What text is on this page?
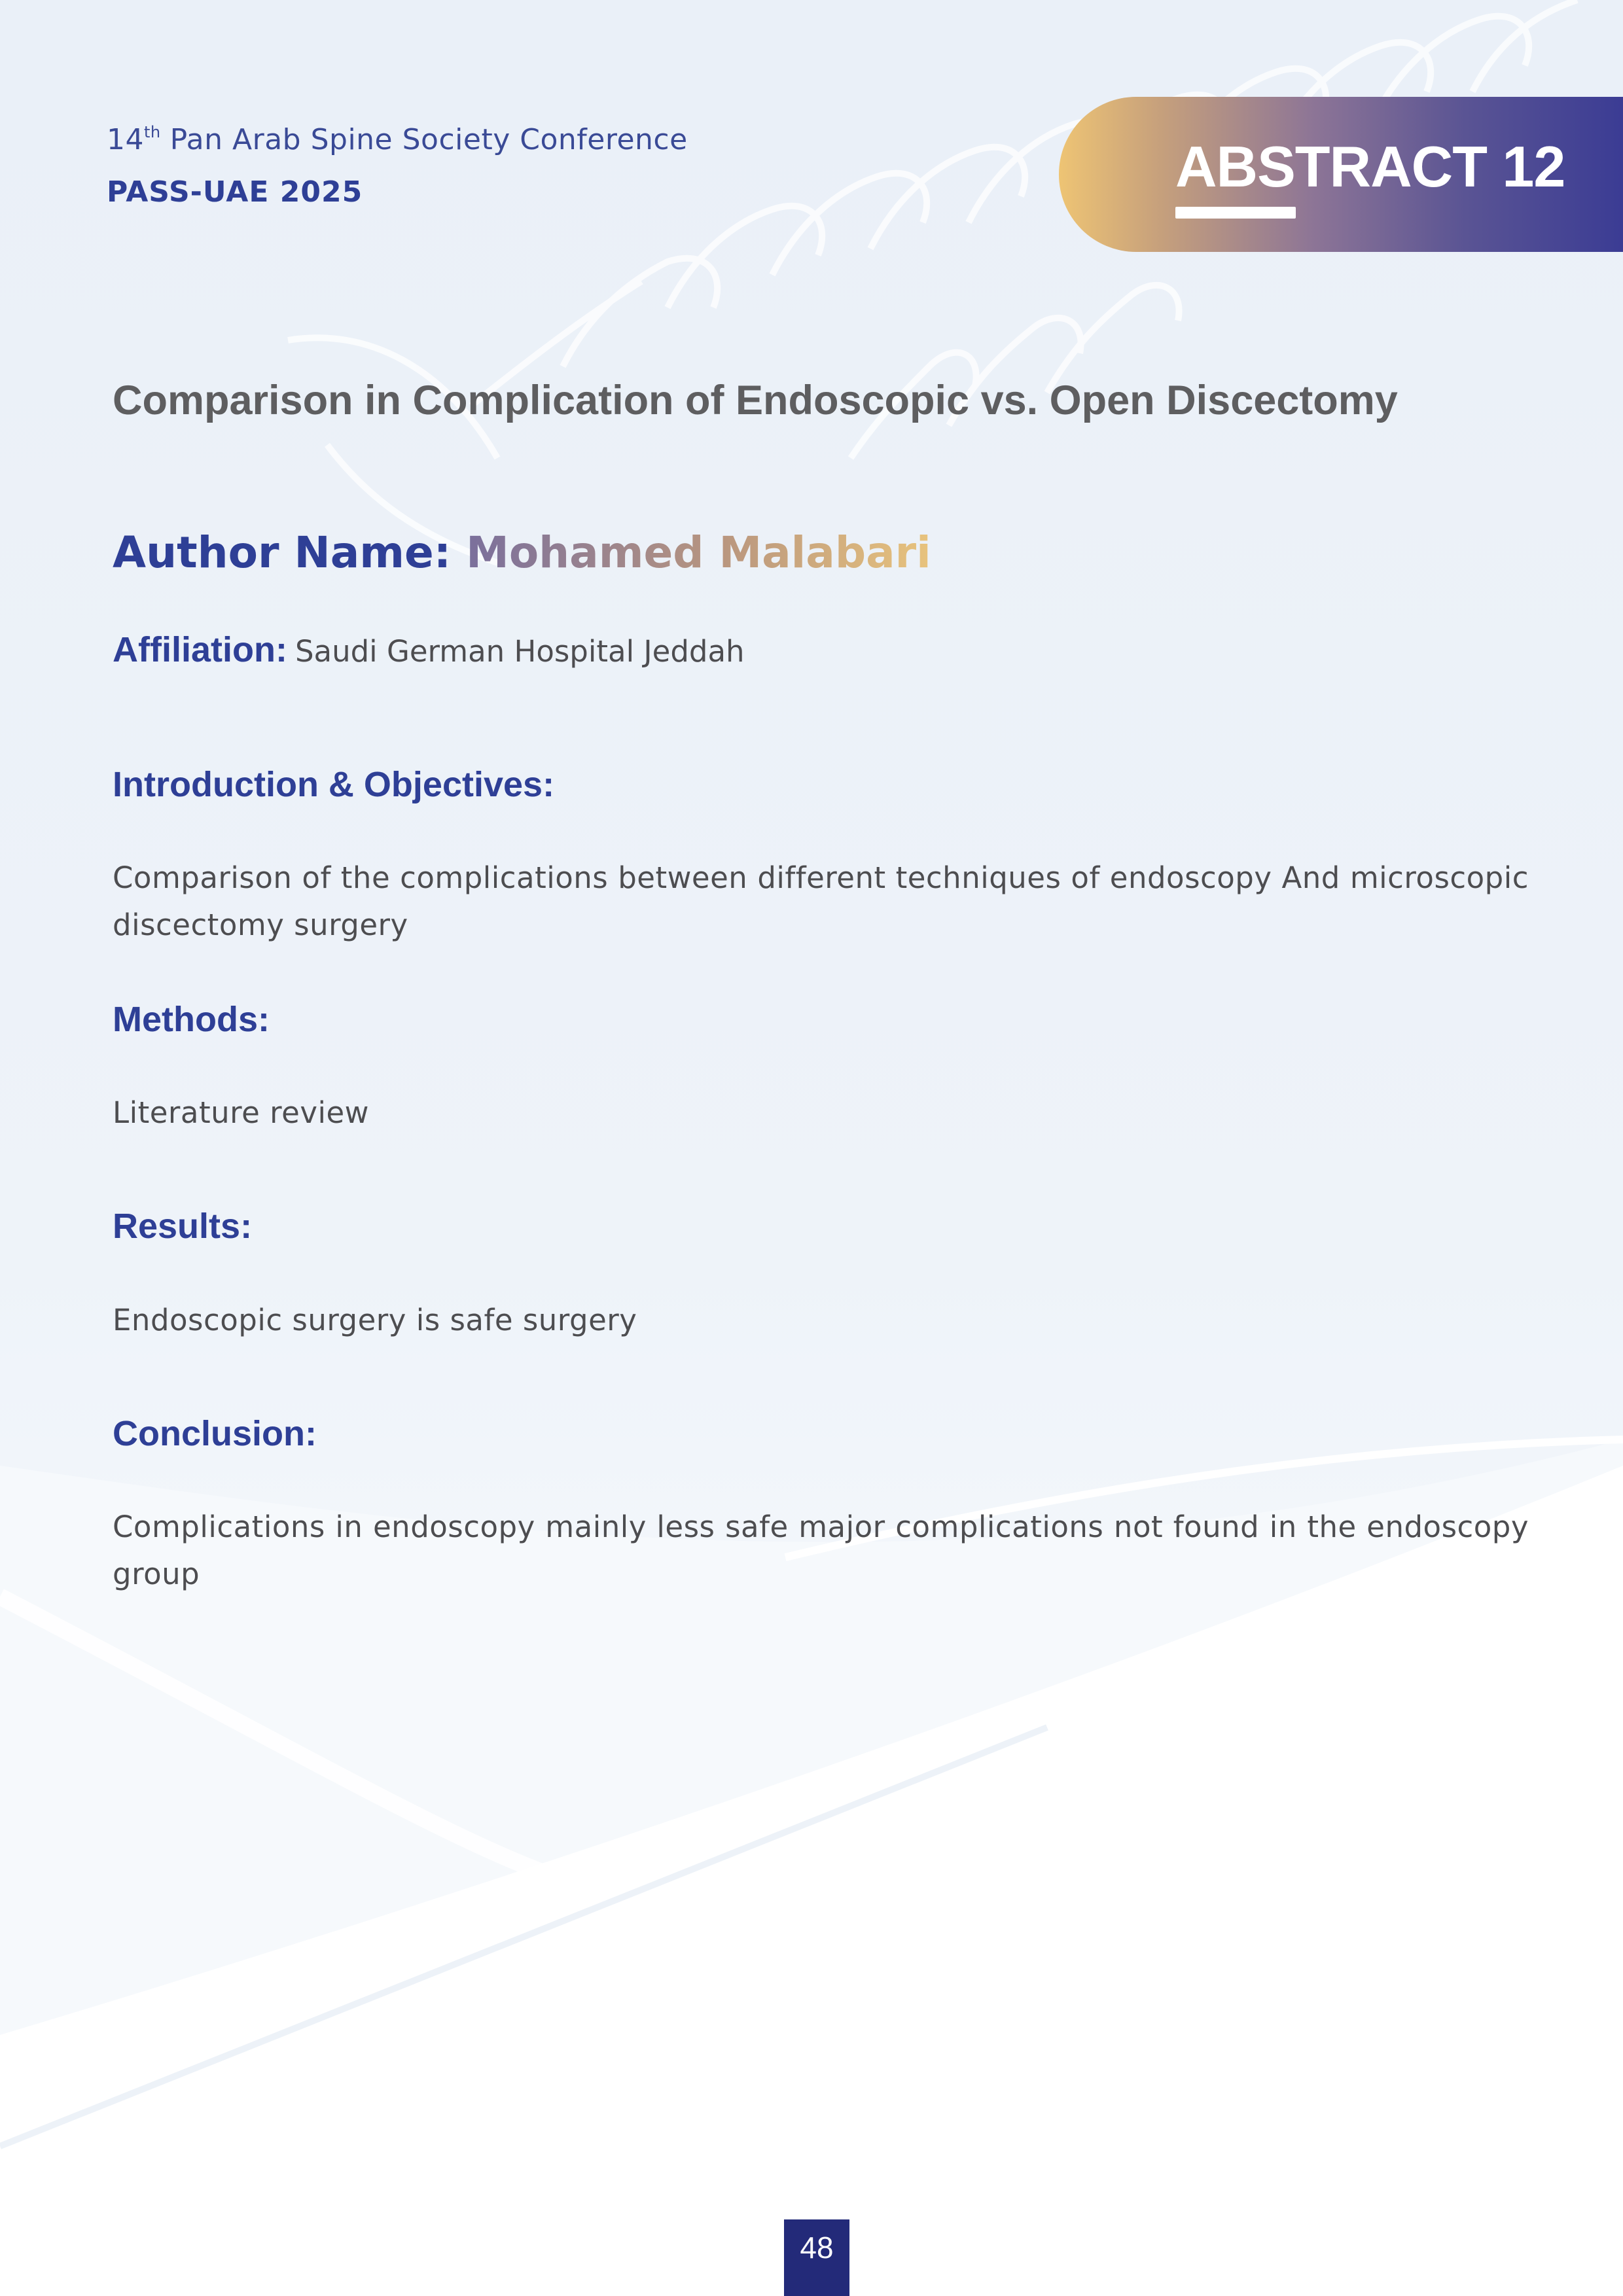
14th Pan Arab Spine Society Conference
PASS-UAE 2025	ABSTRACT 12
Comparison in Complication of Endoscopic vs. Open Discectomy
Author Name: Mohamed Malabari
Affiliation: Saudi German Hospital Jeddah
Introduction & Objectives:
Comparison of the complications between different techniques of endoscopy And microscopic discectomy surgery
Methods:
Literature review
Results:
Endoscopic surgery is safe surgery
Conclusion:
Complications in endoscopy mainly less safe major complications not found in the endoscopy group
48
